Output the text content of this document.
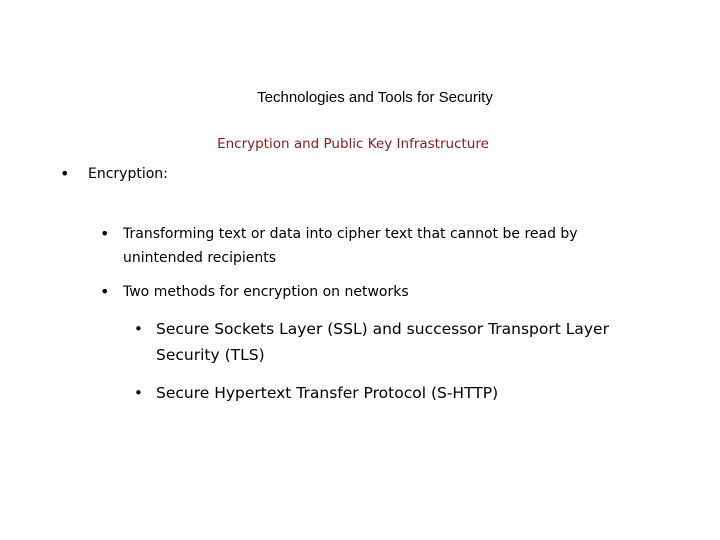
Technologies and Tools for Security
Encryption and Public Key Infrastructure
• Encryption:
• Transforming text or data into cipher text that cannot be read by unintended recipients
• Two methods for encryption on networks
• Secure Sockets Layer (SSL) and successor Transport Layer Security (TLS)
• Secure Hypertext Transfer Protocol (S-HTTP)
